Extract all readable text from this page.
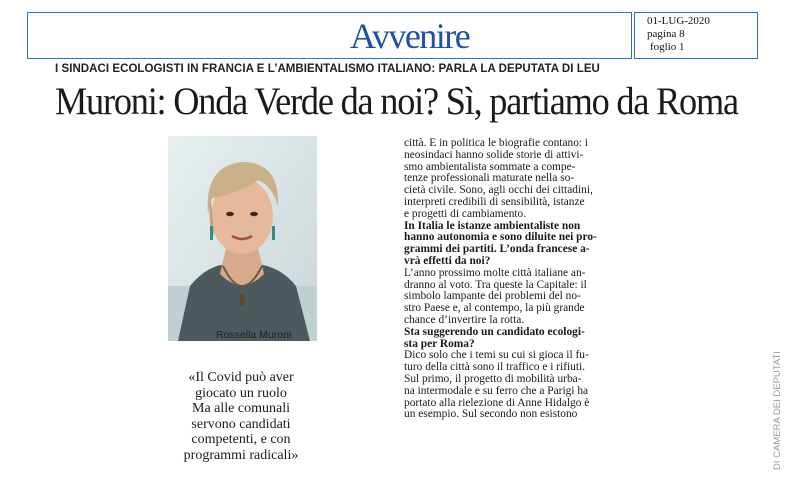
Avvenire	01-LUG-2020
pagina 8
foglio 1
I SINDACI ECOLOGISTI IN FRANCIA E L’AMBIENTALISMO ITALIANO: PARLA LA DEPUTATA DI LEU
Muroni: Onda Verde da noi? Sì, partiamo da Roma
Rossella Muroni
«Il Covid può aver
giocato un ruolo
Ma alle comunali
servono candidati
competenti, e con
programmi radicali»
città. E in politica le biografie contano: i
neosindaci hanno solide storie di attivi-
smo ambientalista sommate a compe-
tenze professionali maturate nella so-
cietà civile. Sono, agli occhi dei cittadini,
interpreti credibili di sensibilità, istanze
e progetti di cambiamento.
In Italia le istanze ambientaliste non
hanno autonomia e sono diluite nei pro-
grammi dei partiti. L’onda francese a-
vrà effetti da noi?
L’anno prossimo molte città italiane an-
dranno al voto. Tra queste la Capitale: il
simbolo lampante dei problemi del no-
stro Paese e, al contempo, la più grande
chance d’invertire la rotta.
Sta suggerendo un candidato ecologi-
sta per Roma?
Dico solo che i temi su cui si gioca il fu-
turo della città sono il traffico e i rifiuti.
Sul primo, il progetto di mobilità urba-
na intermodale e su ferro che a Parigi ha
portato alla rielezione di Anne Hidalgo è
un esempio. Sul secondo non esistono	DI CAMERA DEI DEPUTATI
